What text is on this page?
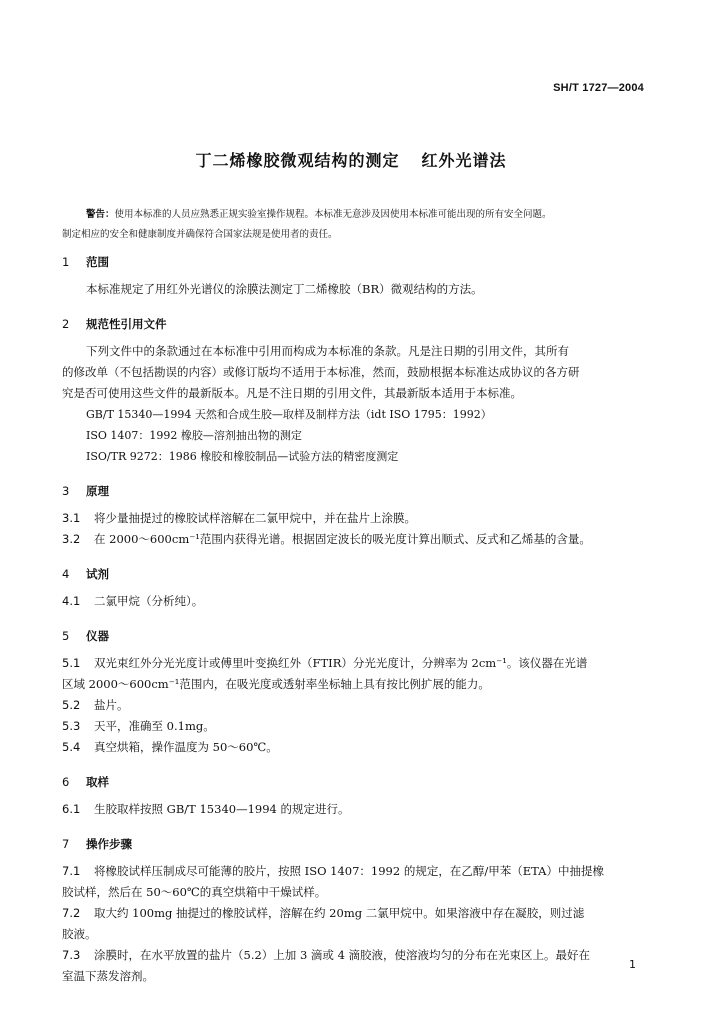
SH/T 1727—2004
丁二烯橡胶微观结构的测定 红外光谱法
警告：使用本标准的人员应熟悉正规实验室操作规程。本标准无意涉及因使用本标准可能出现的所有安全问题。
制定相应的安全和健康制度并确保符合国家法规是使用者的责任。

1 范围

本标准规定了用红外光谱仪的涂膜法测定丁二烯橡胶（BR）微观结构的方法。

2 规范性引用文件

下列文件中的条款通过在本标准中引用而构成为本标准的条款。凡是注日期的引用文件，其所有

的修改单（不包括勘误的内容）或修订版均不适用于本标准，然而，鼓励根据本标准达成协议的各方研

究是否可使用这些文件的最新版本。凡是不注日期的引用文件，其最新版本适用于本标准。

GB/T 15340—1994 天然和合成生胶—取样及制样方法（idt ISO 1795：1992）

ISO 1407：1992 橡胶—溶剂抽出物的测定

ISO/TR 9272：1986 橡胶和橡胶制品—试验方法的精密度测定

3 原理

3.1 将少量抽提过的橡胶试样溶解在二氯甲烷中，并在盐片上涂膜。

3.2 在 2000～600cm⁻¹范围内获得光谱。根据固定波长的吸光度计算出顺式、反式和乙烯基的含量。

4 试剂

4.1 二氯甲烷（分析纯）。

5 仪器

5.1 双光束红外分光光度计或傅里叶变换红外（FTIR）分光光度计，分辨率为 2cm⁻¹。该仪器在光谱

区域 2000～600cm⁻¹范围内，在吸光度或透射率坐标轴上具有按比例扩展的能力。

5.2 盐片。

5.3 天平，准确至 0.1mg。

5.4 真空烘箱，操作温度为 50～60℃。

6 取样

6.1 生胶取样按照 GB/T 15340—1994 的规定进行。

7 操作步骤

7.1 将橡胶试样压制成尽可能薄的胶片，按照 ISO 1407：1992 的规定，在乙醇/甲苯（ETA）中抽提橡

胶试样，然后在 50～60℃的真空烘箱中干燥试样。

7.2 取大约 100mg 抽提过的橡胶试样，溶解在约 20mg 二氯甲烷中。如果溶液中存在凝胶，则过滤

胶液。

7.3 涂膜时，在水平放置的盐片（5.2）上加 3 滴或 4 滴胶液，使溶液均匀的分布在光束区上。最好在

室温下蒸发溶剂。

1
